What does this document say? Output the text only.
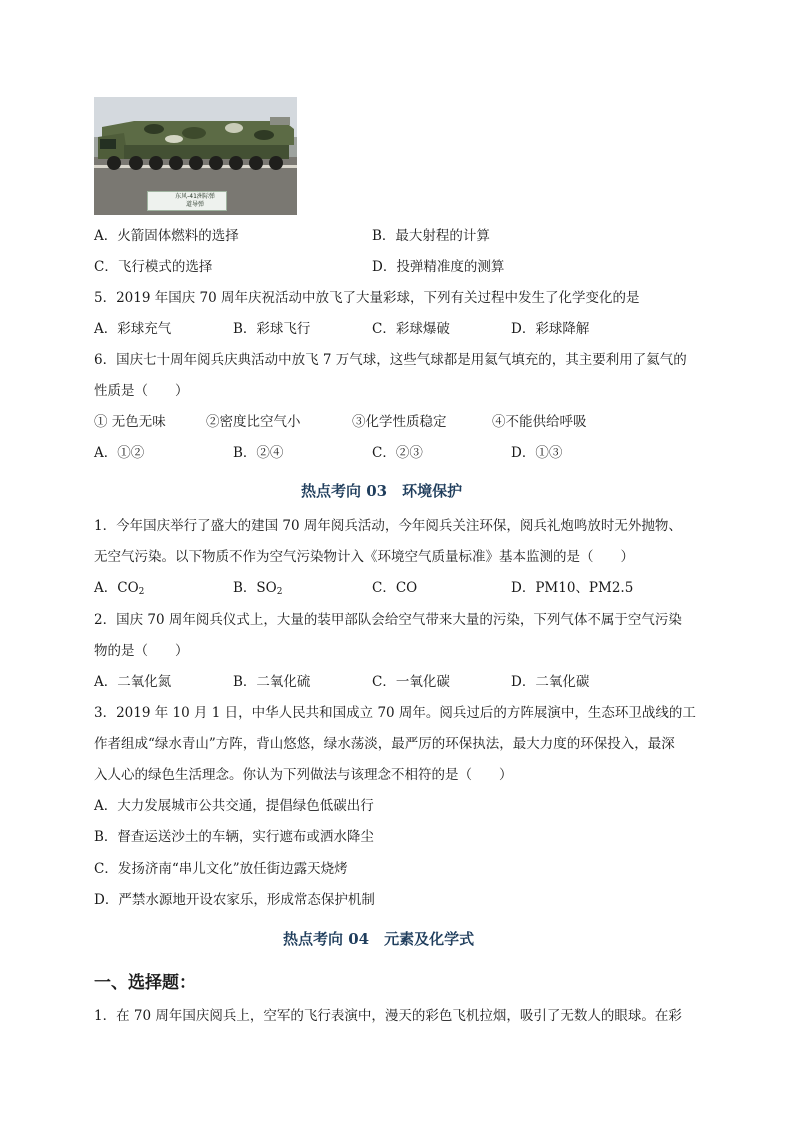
东风-41洲际弹
道导弹
A．火箭固体燃料的选择	B．最大射程的计算
C．飞行模式的选择	D．投弹精准度的测算
5．2019 年国庆 70 周年庆祝活动中放飞了大量彩球，下列有关过程中发生了化学变化的是
A．彩球充气	B．彩球飞行	C．彩球爆破	D．彩球降解
6．国庆七十周年阅兵庆典活动中放飞 7 万气球，这些气球都是用氦气填充的，其主要利用了氦气的
性质是（　　）
① 无色无味	②密度比空气小	③化学性质稳定	④不能供给呼吸
A．①②	B．②④	C．②③	D．①③
热点考向 03　环境保护
1．今年国庆举行了盛大的建国 70 周年阅兵活动，今年阅兵关注环保，阅兵礼炮鸣放时无外抛物、
无空气污染。以下物质不作为空气污染物计入《环境空气质量标准》基本监测的是（　　）
A．$CO_2$	B．$SO_2$	C．CO	D．PM10、PM2.5
2．国庆 70 周年阅兵仪式上，大量的装甲部队会给空气带来大量的污染，下列气体不属于空气污染
物的是（　　）
A．二氧化氮	B．二氧化硫	C．一氧化碳	D．二氧化碳
3．2019 年 10 月 1 日，中华人民共和国成立 70 周年。阅兵过后的方阵展演中，生态环卫战线的工
作者组成“绿水青山”方阵，背山悠悠，绿水荡淡，最严厉的环保执法，最大力度的环保投入，最深
入人心的绿色生活理念。你认为下列做法与该理念不相符的是（　　）
A．大力发展城市公共交通，提倡绿色低碳出行
B．督查运送沙土的车辆，实行遮布或洒水降尘
C．发扬济南“串儿文化”放任街边露天烧烤
D．严禁水源地开设农家乐，形成常态保护机制
热点考向 04　元素及化学式
一、选择题：
1．在 70 周年国庆阅兵上，空军的飞行表演中，漫天的彩色飞机拉烟，吸引了无数人的眼球。在彩
